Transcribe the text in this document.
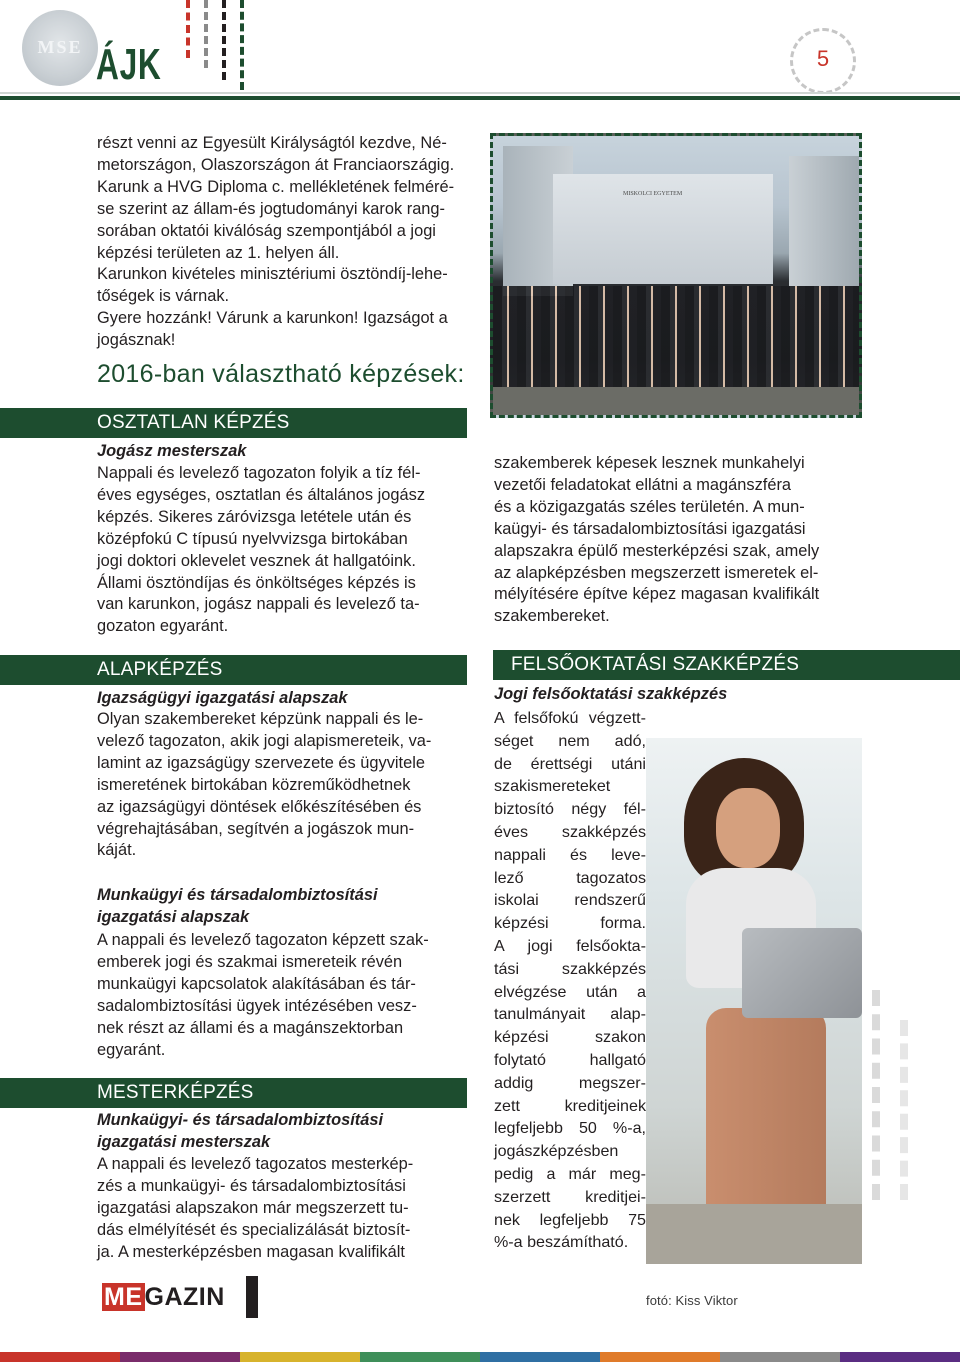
MSE ÁJK	5

részt venni az Egyesült Királyságtól kezdve, Né-

metországon, Olaszországon át Franciaországig.

Karunk a HVG Diploma c. mellékletének felméré-

se szerint az állam-és jogtudományi karok rang-

sorában oktatói kiválóság szempontjából a jogi

képzési területen az 1. helyen áll.

Karunkon kivételes minisztériumi ösztöndíj-lehe-

tőségek is várnak.

Gyere hozzánk! Várunk a karunkon! Igazságot a

jogásznak!

2016-ban választható képzések:
OSZTATLAN KÉPZÉS
Jogász mesterszak

Nappali és levelező tagozaton folyik a tíz fél-

éves egységes, osztatlan és általános jogász

képzés. Sikeres záróvizsga letétele után és

középfokú C típusú nyelvvizsga birtokában

jogi doktori oklevelet vesznek át hallgatóink.

Állami ösztöndíjas és önköltséges képzés is

van karunkon, jogász nappali és levelező ta-

gozaton egyaránt.

ALAPKÉPZÉS
Igazságügyi igazgatási alapszak

Olyan szakembereket képzünk nappali és le-

velező tagozaton, akik jogi alapismereteik, va-

lamint az igazságügy szervezete és ügyvitele

ismeretének birtokában közreműködhetnek

az igazságügyi döntések előkészítésében és

végrehajtásában, segítvén a jogászok mun-

káját.

Munkaügyi és társadalombiztosítási
igazgatási alapszak

A nappali és levelező tagozaton képzett szak-

emberek jogi és szakmai ismereteik révén

munkaügyi kapcsolatok alakításában és tár-

sadalombiztosítási ügyek intézésében vesz-

nek részt az állami és a magánszektorban

egyaránt.

MESTERKÉPZÉS
Munkaügyi- és társadalombiztosítási
igazgatási mesterszak

A nappali és levelező tagozatos mesterkép-

zés a munkaügyi- és társadalombiztosítási

igazgatási alapszakon már megszerzett tu-

dás elmélyítését és specializálását biztosít-

ja. A mesterképzésben magasan kvalifikált

MISKOLCI EGYETEM

szakemberek képesek lesznek munkahelyi

vezetői feladatokat ellátni a magánszféra

és a közigazgatás széles területén. A mun-

kaügyi- és társadalombiztosítási igazgatási

alapszakra épülő mesterképzési szak, amely

az alapképzésben megszerzett ismeretek el-

mélyítésére építve képez magasan kvalifikált

szakembereket.

FELSŐOKTATÁSI SZAKKÉPZÉS
Jogi felsőoktatási szakképzés

A felsőfokú végzett-

séget nem adó,

de érettségi utáni

szakismereteket

biztosító négy fél-

éves szakképzés

nappali és leve-

lező tagozatos

iskolai rendszerű

képzési forma.

A jogi felsőokta-

tási szakképzés

elvégzése után a

tanulmányait alap-

képzési szakon

folytató hallgató

addig megszer-

zett kreditjeinek

legfeljebb 50 %-a,

jogászképzésben

pedig a már meg-

szerzett kreditjei-

nek legfeljebb 75

%-a beszámítható.

MEGAZIN	fotó: Kiss Viktor
